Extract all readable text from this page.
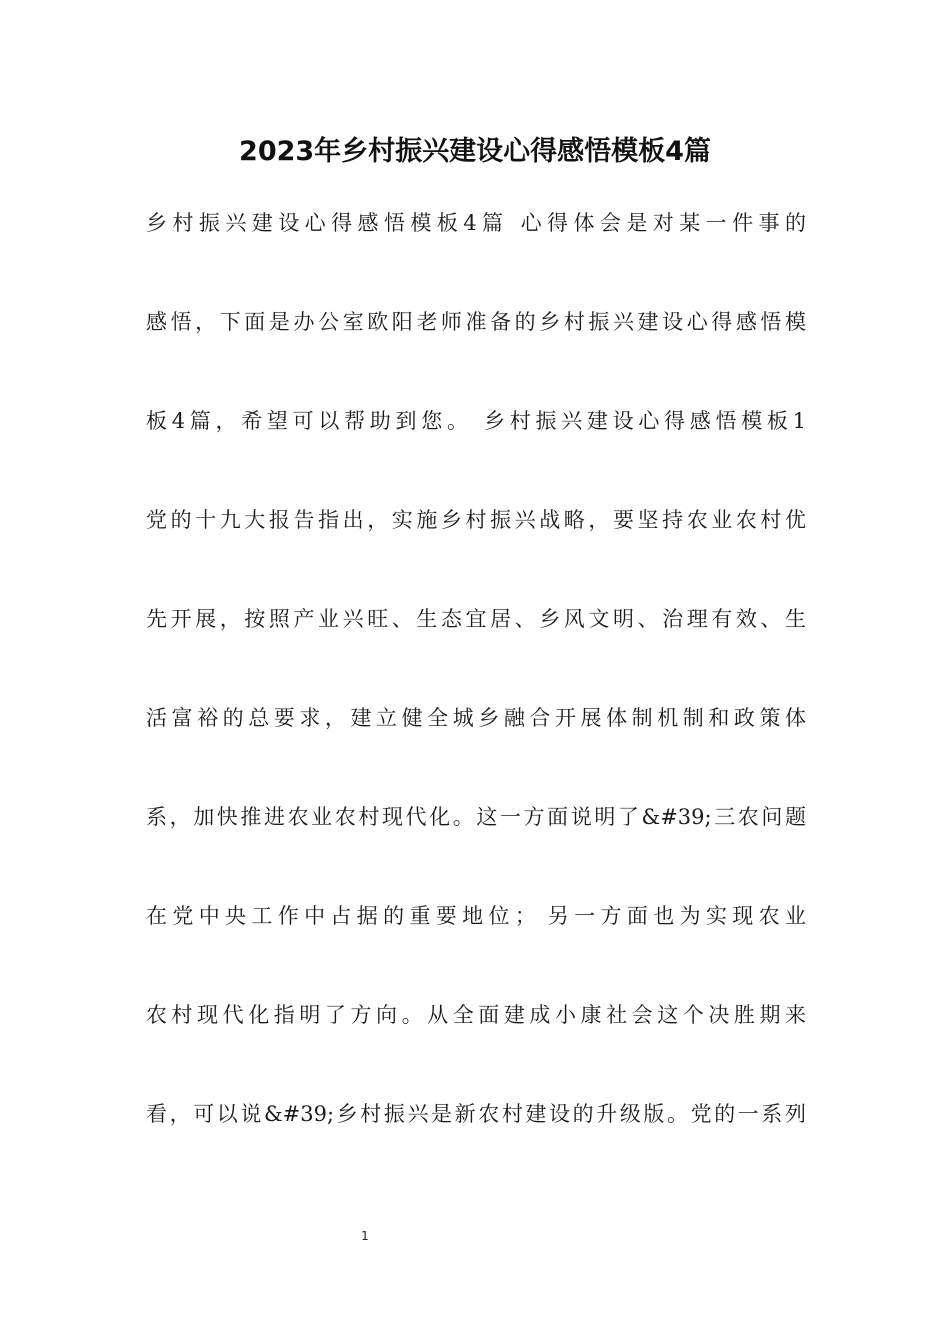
2023年乡村振兴建设心得感悟模板4篇
乡村振兴建设心得感悟模板4篇 心得体会是对某一件事的
感悟，下面是办公室欧阳老师准备的乡村振兴建设心得感悟模
板4篇，希望可以帮助到您。 乡村振兴建设心得感悟模板1
党的十九大报告指出，实施乡村振兴战略，要坚持农业农村优
先开展，按照产业兴旺、生态宜居、乡风文明、治理有效、生
活富裕的总要求，建立健全城乡融合开展体制机制和政策体
系，加快推进农业农村现代化。这一方面说明了&#39;三农问题
在党中央工作中占据的重要地位； 另一方面也为实现农业
农村现代化指明了方向。从全面建成小康社会这个决胜期来
看，可以说&#39;乡村振兴是新农村建设的升级版。党的一系列
1
